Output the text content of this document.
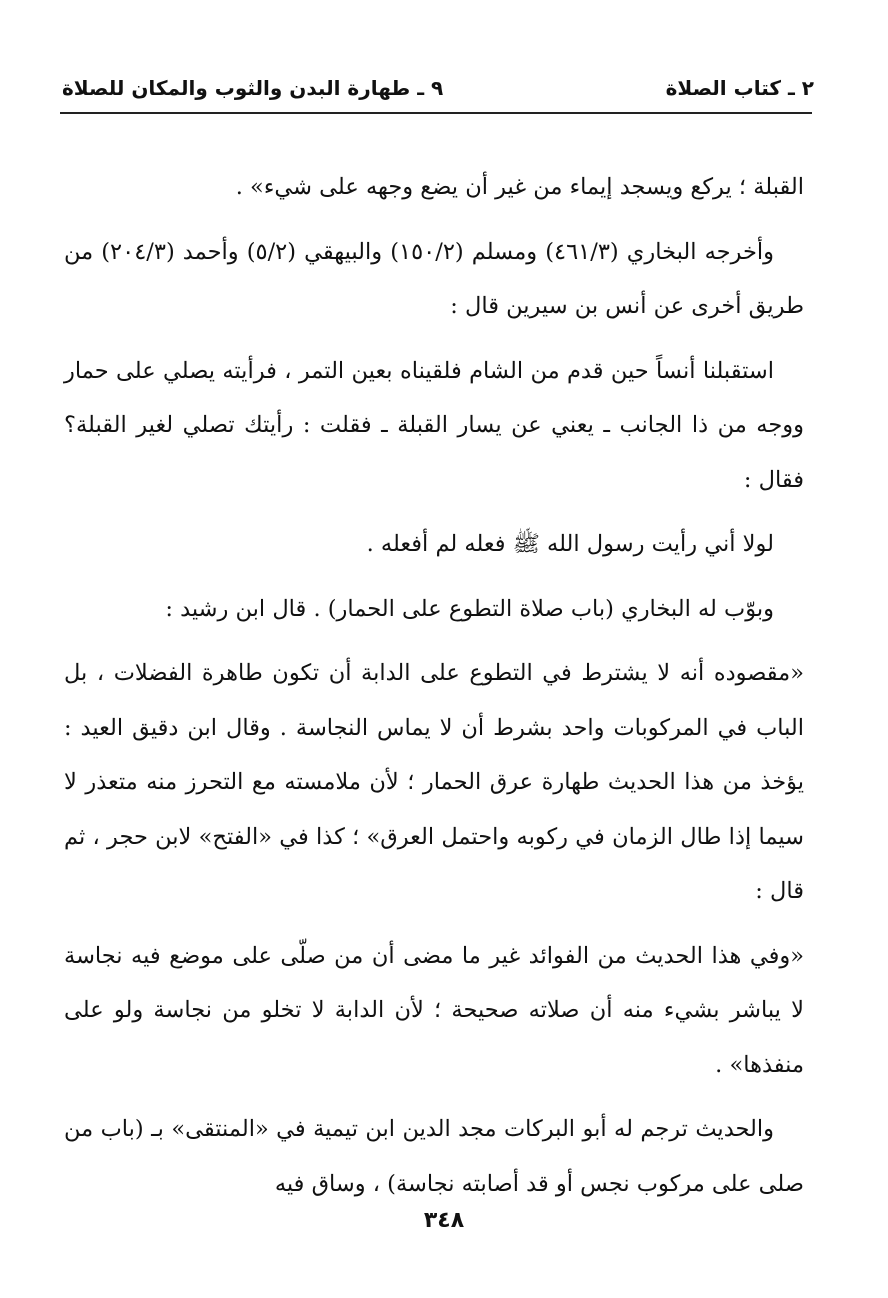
٢ ـ كتاب الصلاة
٩ ـ طهارة البدن والثوب والمكان للصلاة

القبلة ؛ يركع ويسجد إيماء من غير أن يضع وجهه على شيء» .

وأخرجه البخاري (٤٦١/٣) ومسلم (١٥٠/٢) والبيهقي (٥/٢) وأحمد (٢٠٤/٣) من طريق أخرى عن أنس بن سيرين قال :

استقبلنا أنساً حين قدم من الشام فلقيناه بعين التمر ، فرأيته يصلي على حمار ووجه من ذا الجانب ـ يعني عن يسار القبلة ـ فقلت : رأيتك تصلي لغير القبلة؟ فقال :

لولا أني رأيت رسول الله ﷺ فعله لم أفعله .

وبوّب له البخاري (باب صلاة التطوع على الحمار) . قال ابن رشيد :

«مقصوده أنه لا يشترط في التطوع على الدابة أن تكون طاهرة الفضلات ، بل الباب في المركوبات واحد بشرط أن لا يماس النجاسة . وقال ابن دقيق العيد : يؤخذ من هذا الحديث طهارة عرق الحمار ؛ لأن ملامسته مع التحرز منه متعذر لا سيما إذا طال الزمان في ركوبه واحتمل العرق» ؛ كذا في «الفتح» لابن حجر ، ثم قال :

«وفي هذا الحديث من الفوائد غير ما مضى أن من صلّى على موضع فيه نجاسة لا يباشر بشيء منه أن صلاته صحيحة ؛ لأن الدابة لا تخلو من نجاسة ولو على منفذها» .

والحديث ترجم له أبو البركات مجد الدين ابن تيمية في «المنتقى» بـ (باب من صلى على مركوب نجس أو قد أصابته نجاسة) ، وساق فيه

٣٤٨
